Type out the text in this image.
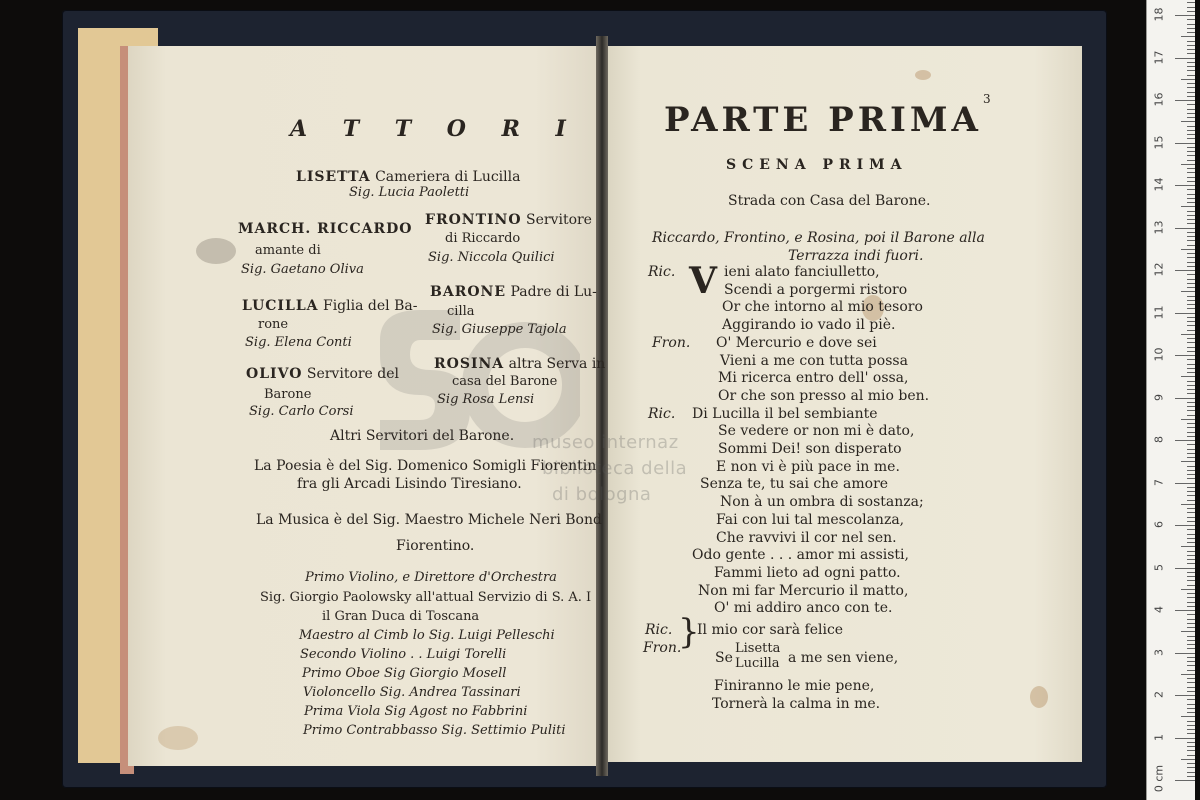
museo internaz
biblioteca della
di bologna
A T T O R I
LISETTA Cameriera di Lucilla
Sig. Lucia Paoletti
MARCH. RICCARDO
amante di
Sig. Gaetano Oliva
FRONTINO Servitore
di Riccardo
Sig. Niccola Quilici
LUCILLA Figlia del Ba-
rone
Sig. Elena Conti
BARONE Padre di Lu-
cilla
Sig. Giuseppe Tajola
OLIVO Servitore del
Barone
Sig. Carlo Corsi
ROSINA altra Serva in
casa del Barone
Sig Rosa Lensi
Altri Servitori del Barone.
La Poesia è del Sig. Domenico Somigli Fiorentin
fra gli Arcadi Lisindo Tiresiano.
La Musica è del Sig. Maestro Michele Neri Bond
Fiorentino.
Primo Violino, e Direttore d'Orchestra
Sig. Giorgio Paolowsky all'attual Servizio di S. A. I
il Gran Duca di Toscana
Maestro al Cimb lo Sig. Luigi Pelleschi
Secondo Violino . . Luigi Torelli
Primo Oboe Sig Giorgio Mosell
Violoncello Sig. Andrea Tassinari
Prima Viola Sig Agost no Fabbrini
Primo Contrabbasso Sig. Settimio Puliti
3
PARTE PRIMA
SCENA PRIMA
Strada con Casa del Barone.
Riccardo, Frontino, e Rosina, poi il Barone alla
Terrazza indi fuori.
V
Ric.	ieni alato fanciulletto,
Scendi a porgermi ristoro
Or che intorno al mio tesoro
Aggirando io vado il piè.
Fron. O' Mercurio e dove sei
Vieni a me con tutta possa
Mi ricerca entro dell' ossa,
Or che son presso al mio ben.
Ric. Di Lucilla il bel sembiante
Se vedere or non mi è dato,
Sommi Dei! son disperato
E non vi è più pace in me.
Senza te, tu sai che amore
Non à un ombra di sostanza;
Fai con lui tal mescolanza,
Che ravvivi il cor nel sen.
Odo gente . . . amor mi assisti,
Fammi lieto ad ogni patto.
Non mi far Mercurio il matto,
O' mi addiro anco con te.
Ric.
Fron.
}
Il mio cor sarà felice
Se
Lisetta
Lucilla a me sen viene,
Finiranno le mie pene,
Tornerà la calma in me.
0 cm
1
2
3
4
5
6
7
8
9
10
11
12
13
14
15
16
17
18
